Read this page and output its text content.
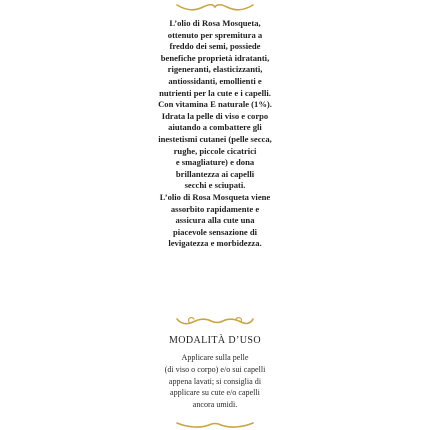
L’olio di Rosa Mosqueta,
ottenuto per spremitura a
freddo dei semi, possiede
benefiche proprietà idratanti,
rigeneranti, elasticizzanti,
antiossidanti, emollienti e
nutrienti per la cute e i capelli.
Con vitamina E naturale (1%).
Idrata la pelle di viso e corpo
aiutando a combattere gli
inestetismi cutanei (pelle secca,
rughe, piccole cicatrici
e smagliature) e dona
brillantezza ai capelli
secchi e sciupati.
L’olio di Rosa Mosqueta viene
assorbito rapidamente e
assicura alla cute una
piacevole sensazione di
levigatezza e morbidezza.
MODALITÀ D’USO
Applicare sulla pelle
(di viso o corpo) e/o sui capelli
appena lavati; si consiglia di
applicare su cute e/o capelli
ancora umidi.
